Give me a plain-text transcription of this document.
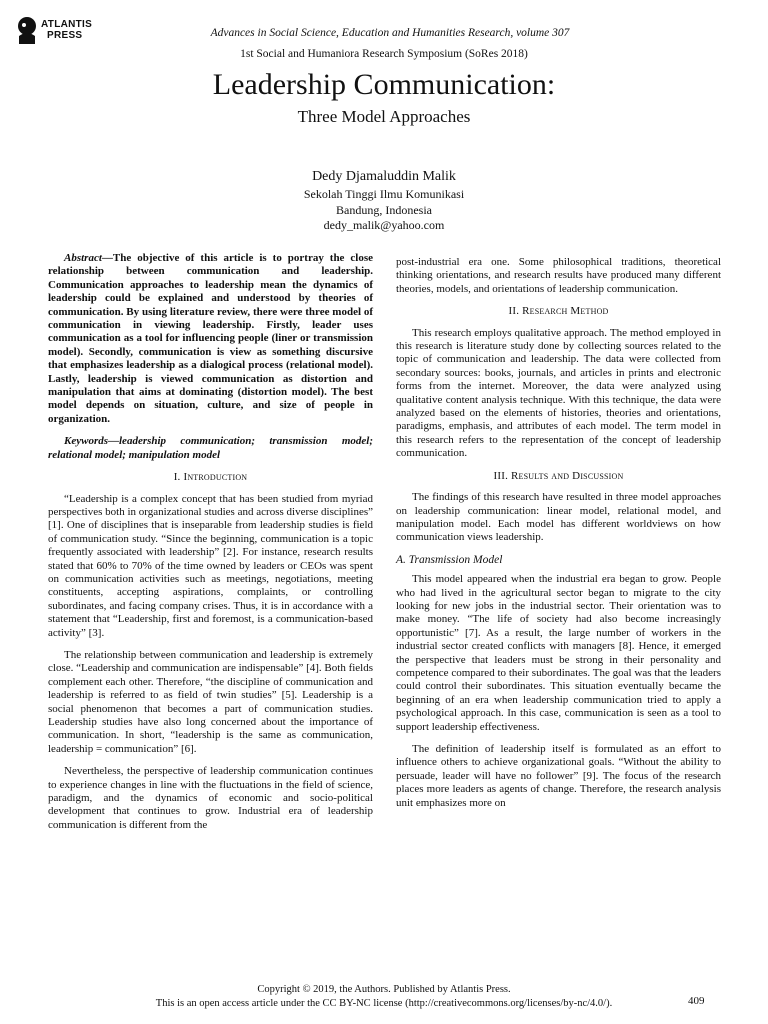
ATLANTIS
PRESS	Advances in Social Science, Education and Humanities Research, volume 307
1st Social and Humaniora Research Symposium (SoRes 2018)
Leadership Communication:
Three Model Approaches
Dedy Djamaluddin Malik
Sekolah Tinggi Ilmu Komunikasi
Bandung, Indonesia
dedy_malik@yahoo.com

Abstract—The objective of this article is to portray the close relationship between communication and leadership. Communication approaches to leadership mean the dynamics of leadership could be explained and understood by theories of communication. By using literature review, there were three model of communication in viewing leadership. Firstly, leader uses communication as a tool for influencing people (liner or transmission model). Secondly, communication is view as something discursive that emphasizes leadership as a dialogical process (relational model). Lastly, leadership is viewed communication as distortion and manipulation that aims at dominating (distortion model). The best model depends on situation, culture, and size of people in organization.

Keywords—leadership communication; transmission model; relational model; manipulation model

I. Introduction

“Leadership is a complex concept that has been studied from myriad perspectives both in organizational studies and across diverse disciplines” [1]. One of disciplines that is inseparable from leadership studies is field of communication study. “Since the beginning, communication is a topic frequently associated with leadership” [2]. For instance, research results stated that 60% to 70% of the time owned by leaders or CEOs was spent on communication activities such as meetings, negotiations, meeting constituents, accepting aspirations, complaints, or controlling subordinates, and facing company crises. Thus, it is in accordance with a statement that “Leadership, first and foremost, is a communication-based activity” [3].

The relationship between communication and leadership is extremely close. “Leadership and communication are indispensable” [4]. Both fields complement each other. Therefore, “the discipline of communication and leadership is referred to as field of twin studies” [5]. Leadership is a social phenomenon that becomes a part of communication studies. Leadership studies have also long concerned about the importance of communication. In short, “leadership is the same as communication, leadership = communication” [6].

Nevertheless, the perspective of leadership communication continues to experience changes in line with the fluctuations in the field of science, paradigm, and the dynamics of economic and socio-political development that continues to grow. Industrial era of leadership communication is different from the

post-industrial era one. Some philosophical traditions, theoretical thinking orientations, and research results have produced many different theories, models, and orientations of leadership communication.

II. Research Method

This research employs qualitative approach. The method employed in this research is literature study done by collecting sources related to the topic of communication and leadership. The data were collected from secondary sources: books, journals, and articles in prints and electronic forms from the internet. Moreover, the data were analyzed using qualitative content analysis technique. With this technique, the data were analyzed based on the elements of histories, theories and orientations, paradigms, emphasis, and attributes of each model. The term model in this research refers to the representation of the concept of leadership communication.

III. Results and Discussion

The findings of this research have resulted in three model approaches on leadership communication: linear model, relational model, and manipulation model. Each model has different worldviews on how communication views leadership.

A. Transmission Model

This model appeared when the industrial era began to grow. People who had lived in the agricultural sector began to migrate to the city looking for new jobs in the industrial sector. Their orientation was to make money. “The life of society had also become increasingly opportunistic” [7]. As a result, the large number of workers in the industrial sector created conflicts with managers [8]. Hence, it emerged the perspective that leaders must be strong in their personality and competence compared to their subordinates. The goal was that the leaders could control their subordinates. This situation eventually became the beginning of an era when leadership communication tried to apply a psychological approach. In this case, communication is seen as a tool to support leadership effectiveness.

The definition of leadership itself is formulated as an effort to influence others to achieve organizational goals. “Without the ability to persuade, leader will have no follower” [9]. The focus of the research places more leaders as agents of change. Therefore, the research analysis unit emphasizes more on

Copyright © 2019, the Authors. Published by Atlantis Press.
This is an open access article under the CC BY-NC license (http://creativecommons.org/licenses/by-nc/4.0/).	409
